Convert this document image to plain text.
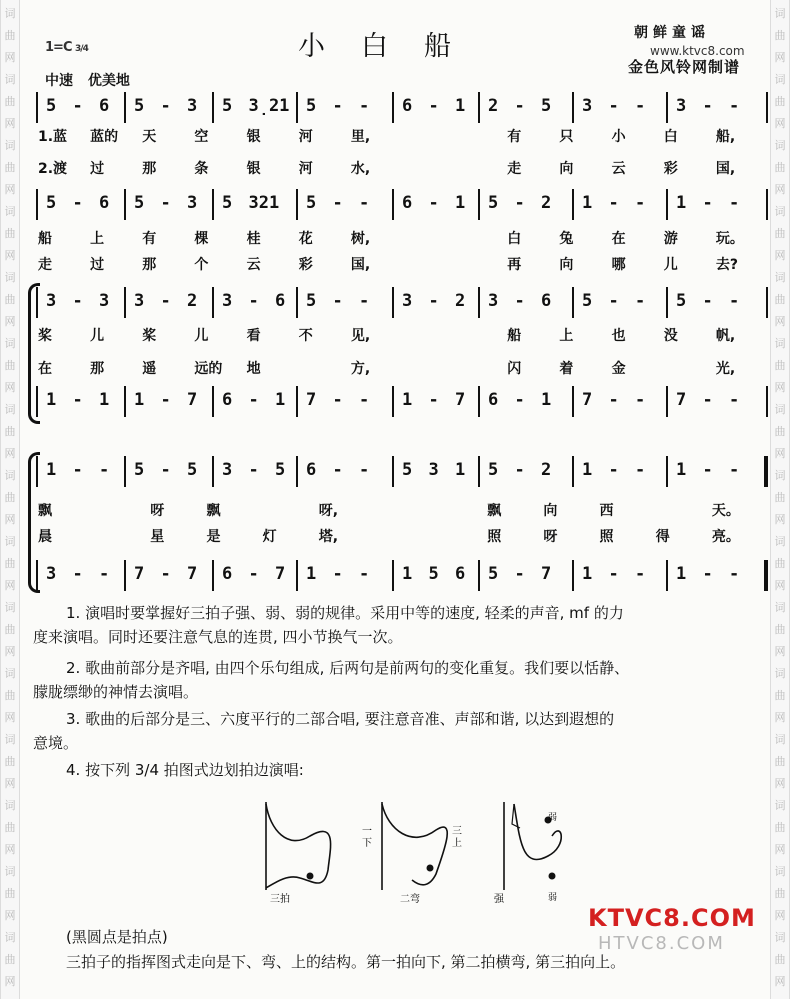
词
曲
网
词
曲
网
词
曲
网
词
曲
网
词
曲
网
词
曲
网
词
曲
网
词
曲
网
词
曲
网
词
曲
网
词
曲
网
词
曲
网
词
曲
网
词
曲
网
词
曲
网
词
曲
网
词
曲
网
词
曲
网
词
曲
网
词
曲
网
词
曲
网
词
曲
网
词
曲
网
词
曲
网
词
曲
网
词
曲
网
词
曲
网
词
曲
网
词
曲
网
词
曲
网
1=C 3/4	小白船	朝鲜童谣
www.ktvc8.com
金色风铃网制谱
中速 优美地
5 - 6	5 - 3	5 3̣21 5 - -	6 - 1	2 - 5	3 - -	3 - -
1.蓝 蓝的 天	空	银	河	里,	有	只	小	白	船,
2.渡 过	那	条	银	河	水,	走	向	云	彩	国,
5 - 6	5 - 3	5 321	5 - -	6 - 1	5 - 2	1 - -	1 - -
船	上	有	棵	桂	花	树,	白	兔	在	游	玩。
走	过	那	个	云	彩	国,	再	向	哪	儿	去?
3 - 3	3 - 2	3 - 6	5 - -	3 - 2	3 - 6	5 - -	5 - -
桨	儿	桨	儿	看	不	见,	船	上	也	没	帆,
在	那	遥	远的 地	方,	闪	着	金	光,
1 - 1	1 - 7	6 - 1	7 - -	1 - 7	6 - 1	7 - -	7 - -
1 - -	5 - 5	3 - 5	6 - -	5 3 1	5 - 2	1 - -	1 - -
飘	呀	飘	呀,	飘	向	西	天。
晨	星	是	灯	塔,	照	呀	照	得	亮。
3 - -	7 - 7	6 - 7	1 - -	1 5 6	5 - 7	1 - -	1 - -
1. 演唱时要掌握好三拍子强、弱、弱的规律。采用中等的速度, 轻柔的声音, mf 的力
度来演唱。同时还要注意气息的连贯, 四小节换气一次。
2. 歌曲前部分是齐唱, 由四个乐句组成, 后两句是前两句的变化重复。我们要以恬静、
朦胧缥缈的神情去演唱。
3. 歌曲的后部分是三、六度平行的二部合唱, 要注意音准、声部和谐, 以达到遐想的
意境。
4. 按下列 3/4 拍图式边划拍边演唱:
三拍	二弯	强
弱
弱
下
一
上
三
(黑圆点是拍点)
三拍子的指挥图式走向是下、弯、上的结构。第一拍向下, 第二拍横弯, 第三拍向上。
KTVC8.COM
HTVC8.COM
